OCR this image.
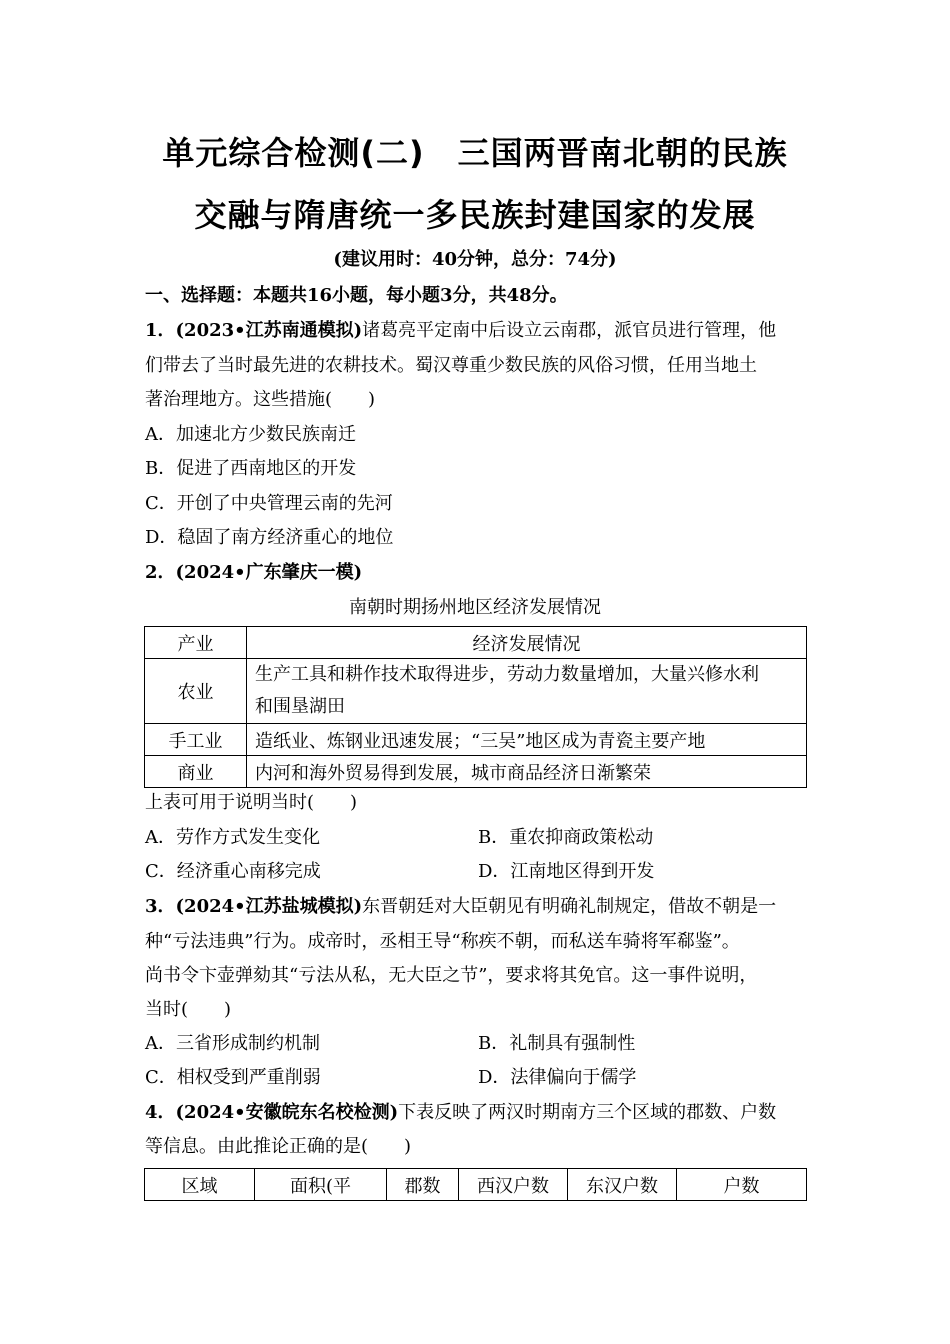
单元综合检测(二)　三国两晋南北朝的民族
交融与隋唐统一多民族封建国家的发展
(建议用时：40分钟，总分：74分)
一、选择题：本题共16小题，每小题3分，共48分。
1．(2023•江苏南通模拟)诸葛亮平定南中后设立云南郡，派官员进行管理，他
们带去了当时最先进的农耕技术。蜀汉尊重少数民族的风俗习惯，任用当地土
著治理地方。这些措施(　　)
A．加速北方少数民族南迁
B．促进了西南地区的开发
C．开创了中央管理云南的先河
D．稳固了南方经济重心的地位
2．(2024•广东肇庆一模)
南朝时期扬州地区经济发展情况
产业	经济发展情况
农业	生产工具和耕作技术取得进步，劳动力数量增加，大量兴修水利
和围垦湖田

手工业	造纸业、炼钢业迅速发展；“三吴”地区成为青瓷主要产地
商业	内河和海外贸易得到发展，城市商品经济日渐繁荣
上表可用于说明当时(　　)
A．劳作方式发生变化	B．重农抑商政策松动
C．经济重心南移完成	D．江南地区得到开发
3．(2024•江苏盐城模拟)东晋朝廷对大臣朝见有明确礼制规定，借故不朝是一
种“亏法违典”行为。成帝时，丞相王导“称疾不朝，而私送车骑将军郗鉴”。
尚书令卞壶弹劾其“亏法从私，无大臣之节”，要求将其免官。这一事件说明，
当时(　　)
A．三省形成制约机制	B．礼制具有强制性
C．相权受到严重削弱	D．法律偏向于儒学
4．(2024•安徽皖东名校检测)下表反映了两汉时期南方三个区域的郡数、户数
等信息。由此推论正确的是(　　)
区域	面积(平	郡数	西汉户数	东汉户数	户数
